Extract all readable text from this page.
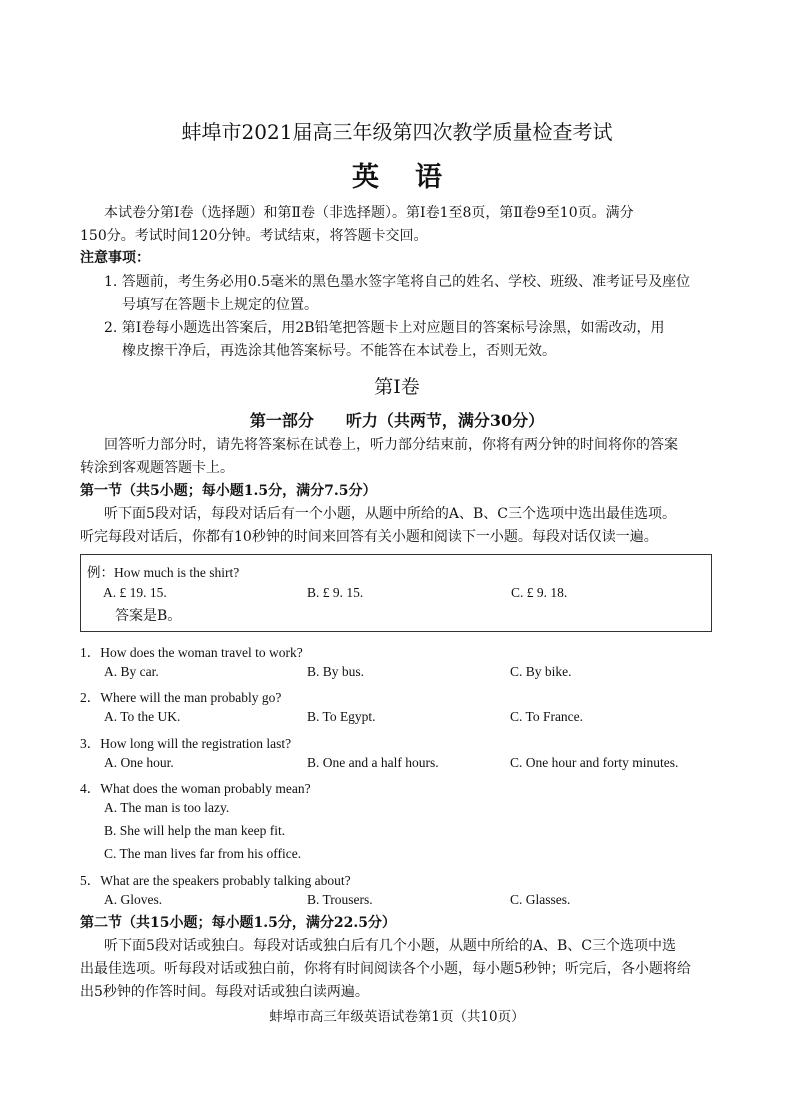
蚌埠市2021届高三年级第四次教学质量检查考试
英语
本试卷分第Ⅰ卷（选择题）和第Ⅱ卷（非选择题）。第Ⅰ卷1至8页，第Ⅱ卷9至10页。满分
150分。考试时间120分钟。考试结束，将答题卡交回。
注意事项：
1. 答题前，考生务必用0.5毫米的黑色墨水签字笔将自己的姓名、学校、班级、准考证号及座位
号填写在答题卡上规定的位置。
2. 第Ⅰ卷每小题选出答案后，用2B铅笔把答题卡上对应题目的答案标号涂黑，如需改动，用
橡皮擦干净后，再选涂其他答案标号。不能答在本试卷上，否则无效。
第Ⅰ卷
第一部分　　听力（共两节，满分30分）
回答听力部分时，请先将答案标在试卷上，听力部分结束前，你将有两分钟的时间将你的答案
转涂到客观题答题卡上。
第一节（共5小题；每小题1.5分，满分7.5分）
听下面5段对话，每段对话后有一个小题，从题中所给的A、B、C三个选项中选出最佳选项。
听完每段对话后，你都有10秒钟的时间来回答有关小题和阅读下一小题。每段对话仅读一遍。
例：How much is the shirt?
A. £ 19. 15.	B. £ 9. 15.	C. £ 9. 18.
答案是B。
1．How does the woman travel to work?
A. By car.	B. By bus.	C. By bike.
2．Where will the man probably go?
A. To the UK.	B. To Egypt.	C. To France.
3．How long will the registration last?
A. One hour.	B. One and a half hours.	C. One hour and forty minutes.
4．What does the woman probably mean?
A. The man is too lazy.
B. She will help the man keep fit.
C. The man lives far from his office.
5．What are the speakers probably talking about?
A. Gloves.	B. Trousers.	C. Glasses.
第二节（共15小题；每小题1.5分，满分22.5分）
听下面5段对话或独白。每段对话或独白后有几个小题，从题中所给的A、B、C三个选项中选
出最佳选项。听每段对话或独白前，你将有时间阅读各个小题，每小题5秒钟；听完后，各小题将给
出5秒钟的作答时间。每段对话或独白读两遍。
蚌埠市高三年级英语试卷第1页（共10页）
